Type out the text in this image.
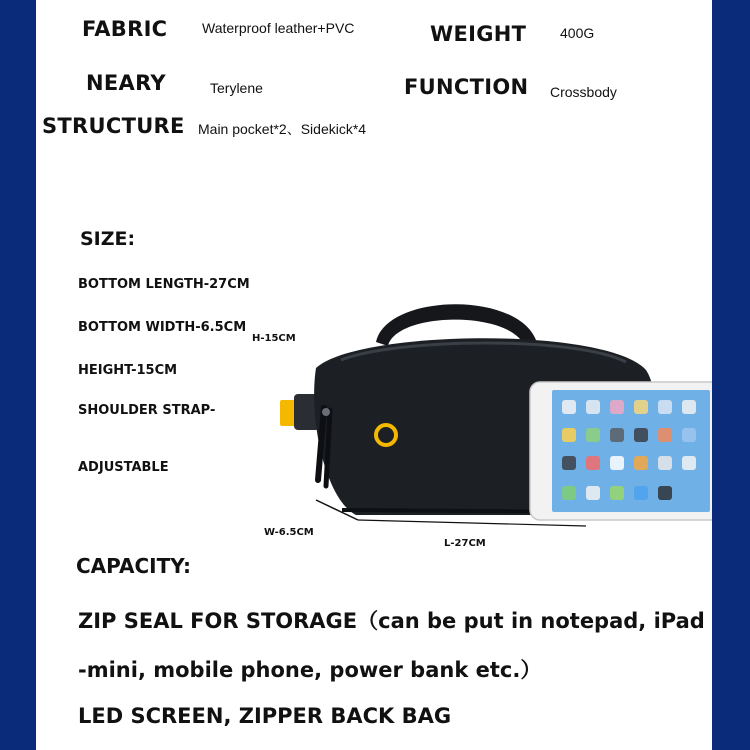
FABRIC Waterproof leather+PVC	WEIGHT 400G
NEARY	Terylene	FUNCTION Crossbody
STRUCTURE Main pocket*2、Sidekick*4
SIZE:
BOTTOM LENGTH-27CM
BOTTOM WIDTH-6.5CM
HEIGHT-15CM
SHOULDER STRAP-
ADJUSTABLE
H-15CM
W-6.5CM
L-27CM
CAPACITY:
ZIP SEAL FOR STORAGE（can be put in notepad, iPad
-mini, mobile phone, power bank etc.）
LED SCREEN, ZIPPER BACK BAG
